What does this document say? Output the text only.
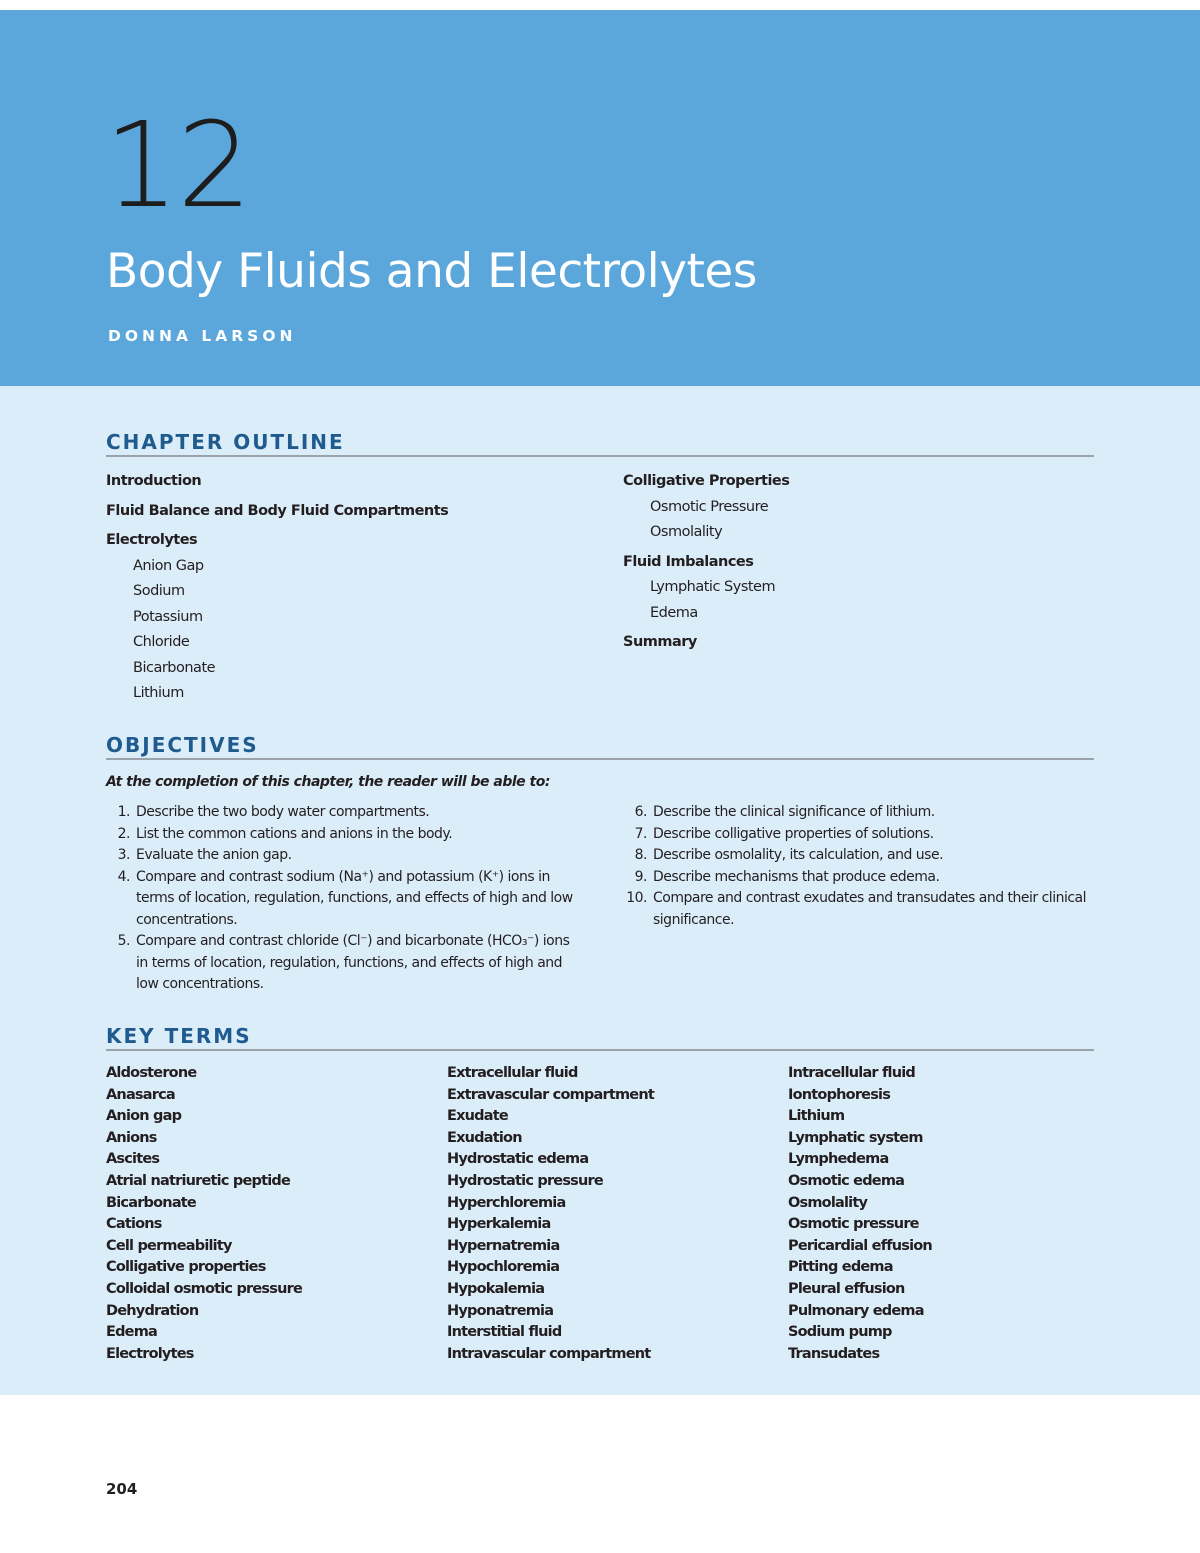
12
Body Fluids and Electrolytes
DONNA LARSON
CHAPTER OUTLINE
Introduction
Fluid Balance and Body Fluid Compartments
Electrolytes
Anion Gap
Sodium
Potassium
Chloride
Bicarbonate
Lithium
Colligative Properties
Osmotic Pressure
Osmolality
Fluid Imbalances
Lymphatic System
Edema
Summary
OBJECTIVES
At the completion of this chapter, the reader will be able to:
1. Describe the two body water compartments.
2. List the common cations and anions in the body.
3. Evaluate the anion gap.
4. Compare and contrast sodium (Na⁺) and potassium (K⁺) ions in terms of location, regulation, functions, and effects of high and low concentrations.
5. Compare and contrast chloride (Cl⁻) and bicarbonate (HCO₃⁻) ions in terms of location, regulation, functions, and effects of high and low concentrations.
6. Describe the clinical significance of lithium.
7. Describe colligative properties of solutions.
8. Describe osmolality, its calculation, and use.
9. Describe mechanisms that produce edema.
10. Compare and contrast exudates and transudates and their clinical significance.
KEY TERMS
Aldosterone
Anasarca
Anion gap
Anions
Ascites
Atrial natriuretic peptide
Bicarbonate
Cations
Cell permeability
Colligative properties
Colloidal osmotic pressure
Dehydration
Edema
Electrolytes
Extracellular fluid
Extravascular compartment
Exudate
Exudation
Hydrostatic edema
Hydrostatic pressure
Hyperchloremia
Hyperkalemia
Hypernatremia
Hypochloremia
Hypokalemia
Hyponatremia
Interstitial fluid
Intravascular compartment
Intracellular fluid
Iontophoresis
Lithium
Lymphatic system
Lymphedema
Osmotic edema
Osmolality
Osmotic pressure
Pericardial effusion
Pitting edema
Pleural effusion
Pulmonary edema
Sodium pump
Transudates
204
